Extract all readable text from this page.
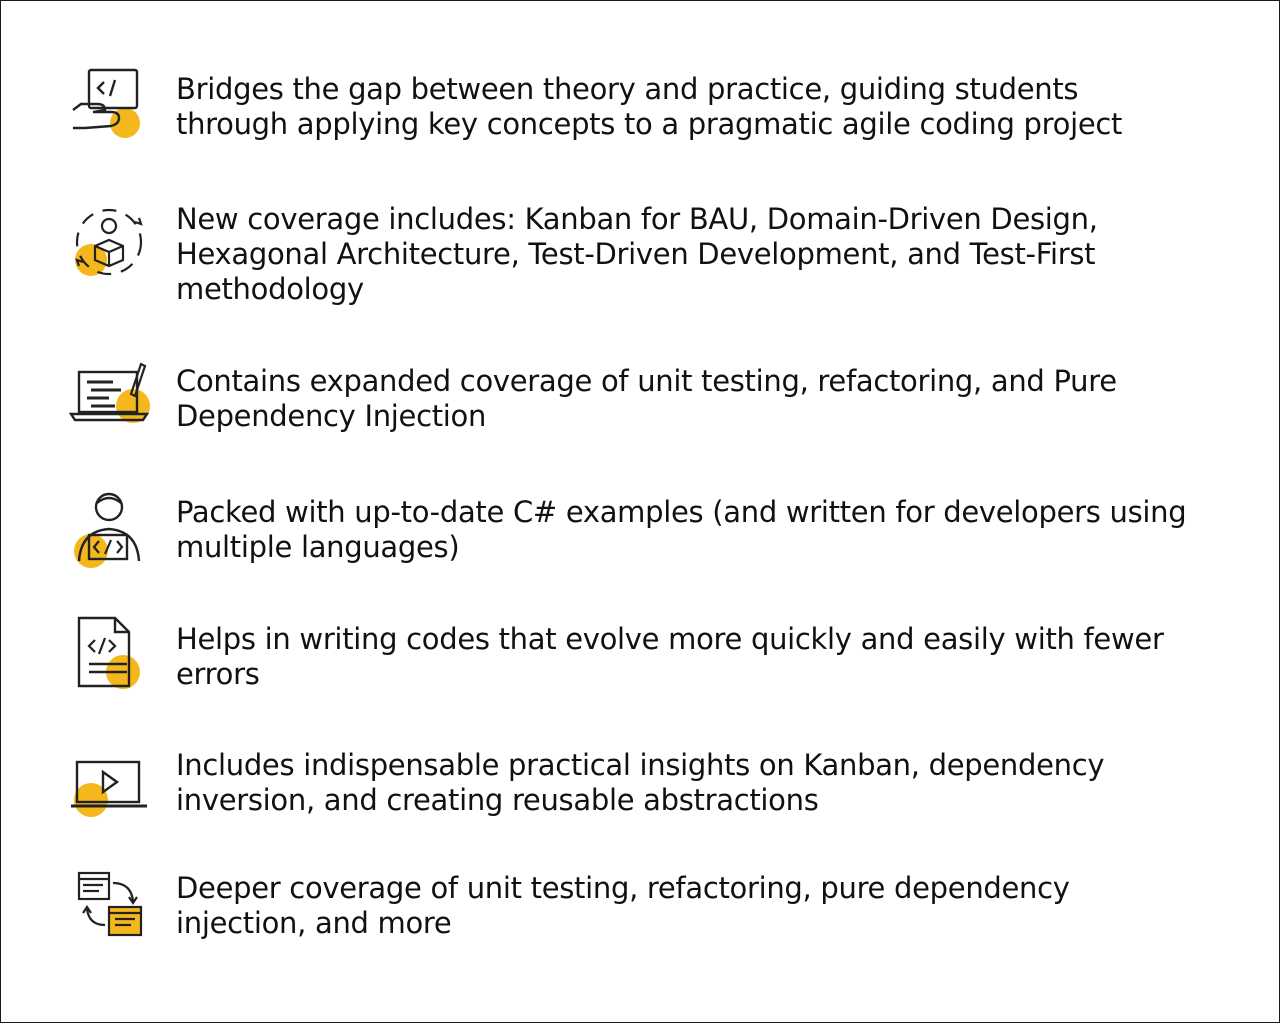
Bridges the gap between theory and practice, guiding students through applying key concepts to a pragmatic agile coding project
New coverage includes: Kanban for BAU, Domain-Driven Design, Hexagonal Architecture, Test-Driven Development, and Test-First methodology
Contains expanded coverage of unit testing, refactoring, and Pure Dependency Injection
Packed with up-to-date C# examples (and written for developers using multiple languages)
Helps in writing codes that evolve more quickly and easily with fewer errors
Includes indispensable practical insights on Kanban, dependency inversion, and creating reusable abstractions
Deeper coverage of unit testing, refactoring, pure dependency injection, and more
